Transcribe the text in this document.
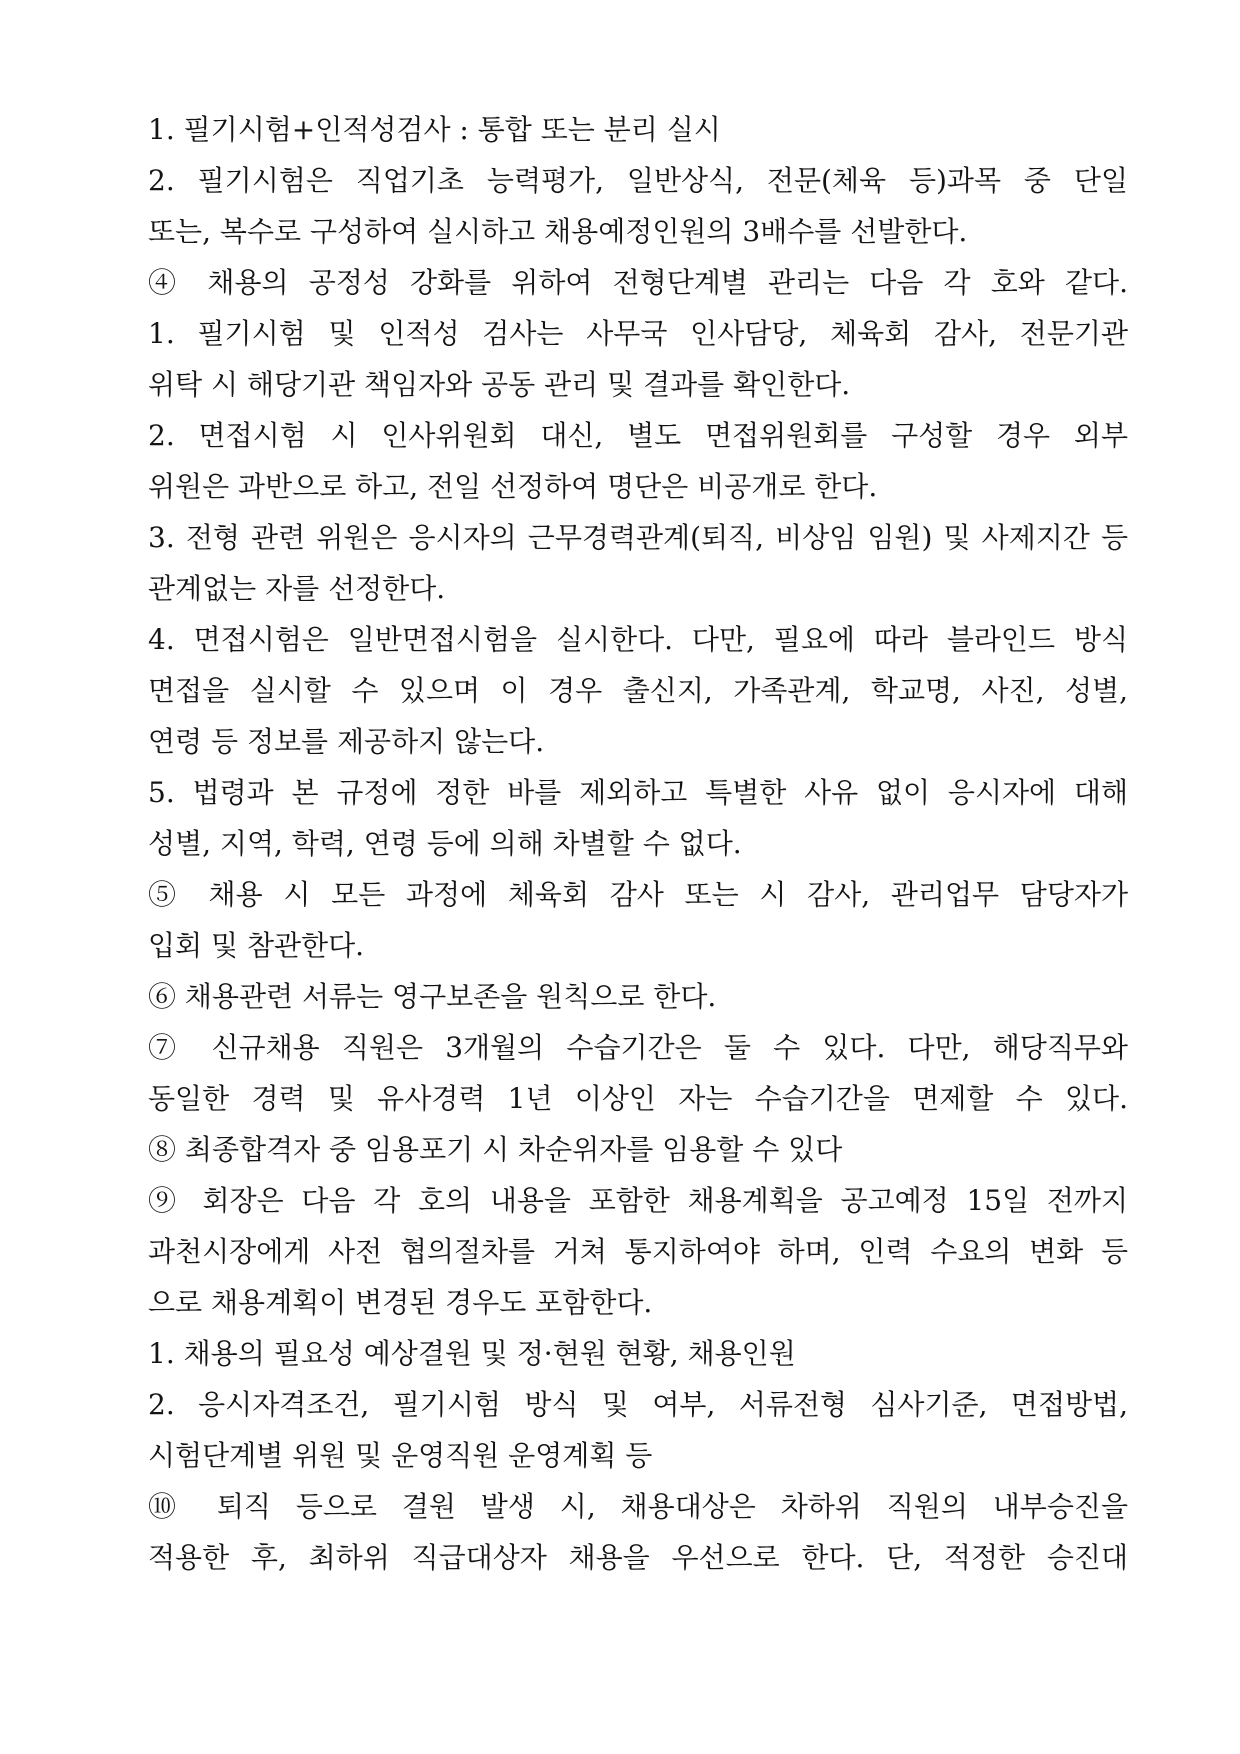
1. 필기시험+인적성검사 : 통합 또는 분리 실시
2. 필기시험은 직업기초 능력평가, 일반상식, 전문(체육 등)과목 중 단일
또는, 복수로 구성하여 실시하고 채용예정인원의 3배수를 선발한다.
④ 채용의 공정성 강화를 위하여 전형단계별 관리는 다음 각 호와 같다.
1. 필기시험 및 인적성 검사는 사무국 인사담당, 체육회 감사, 전문기관
위탁 시 해당기관 책임자와 공동 관리 및 결과를 확인한다.
2. 면접시험 시 인사위원회 대신, 별도 면접위원회를 구성할 경우 외부
위원은 과반으로 하고, 전일 선정하여 명단은 비공개로 한다.
3. 전형 관련 위원은 응시자의 근무경력관계(퇴직, 비상임 임원) 및 사제지간 등
관계없는 자를 선정한다.
4. 면접시험은 일반면접시험을 실시한다. 다만, 필요에 따라 블라인드 방식
면접을 실시할 수 있으며 이 경우 출신지, 가족관계, 학교명, 사진, 성별,
연령 등 정보를 제공하지 않는다.
5. 법령과 본 규정에 정한 바를 제외하고 특별한 사유 없이 응시자에 대해
성별, 지역, 학력, 연령 등에 의해 차별할 수 없다.
⑤ 채용 시 모든 과정에 체육회 감사 또는 시 감사, 관리업무 담당자가
입회 및 참관한다.
⑥ 채용관련 서류는 영구보존을 원칙으로 한다.
⑦ 신규채용 직원은 3개월의 수습기간은 둘 수 있다. 다만, 해당직무와
동일한 경력 및 유사경력 1년 이상인 자는 수습기간을 면제할 수 있다.
⑧ 최종합격자 중 임용포기 시 차순위자를 임용할 수 있다
⑨ 회장은 다음 각 호의 내용을 포함한 채용계획을 공고예정 15일 전까지
과천시장에게 사전 협의절차를 거쳐 통지하여야 하며, 인력 수요의 변화 등
으로 채용계획이 변경된 경우도 포함한다.
1. 채용의 필요성 예상결원 및 정·현원 현황, 채용인원
2. 응시자격조건, 필기시험 방식 및 여부, 서류전형 심사기준, 면접방법,
시험단계별 위원 및 운영직원 운영계획 등
⑩ 퇴직 등으로 결원 발생 시, 채용대상은 차하위 직원의 내부승진을
적용한 후, 최하위 직급대상자 채용을 우선으로 한다. 단, 적정한 승진대
